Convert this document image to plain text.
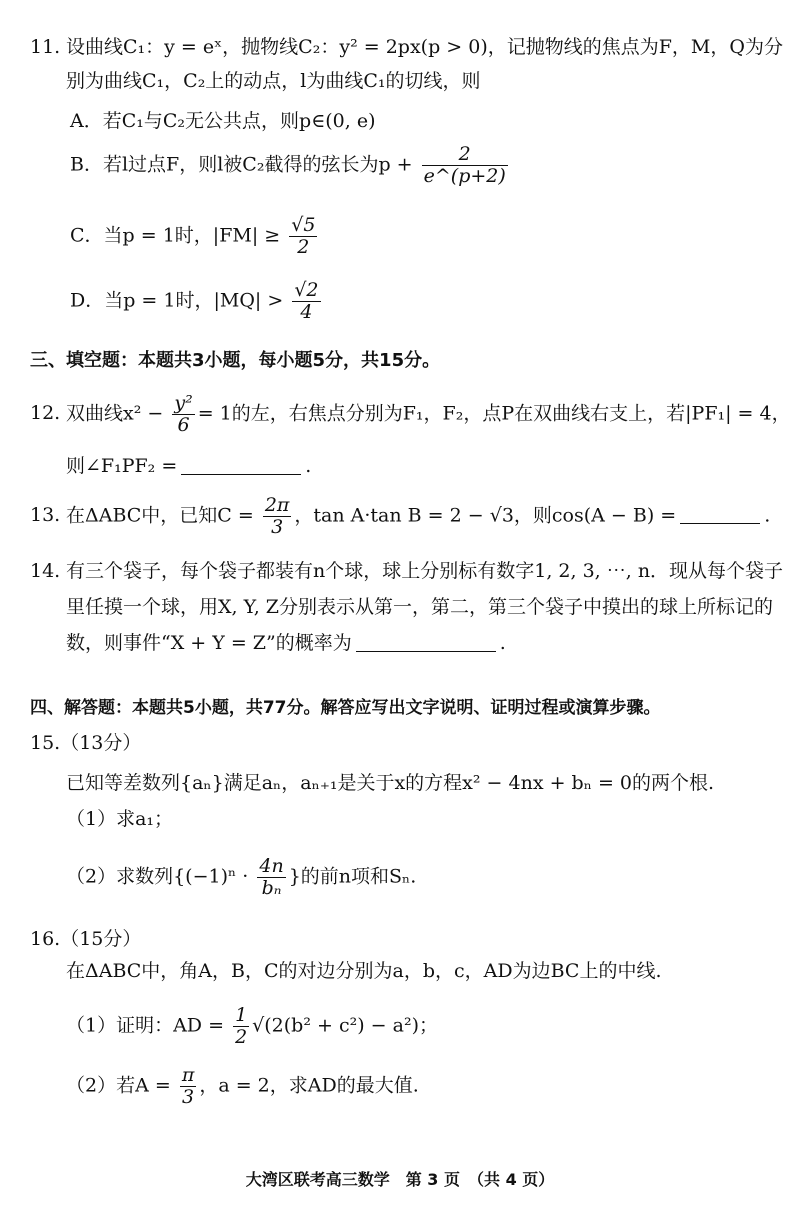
11. 设曲线C₁：y = eˣ，抛物线C₂：y² = 2px(p > 0)，记抛物线的焦点为F，M，Q为分
别为曲线C₁，C₂上的动点，l为曲线C₁的切线，则
A．若C₁与C₂无公共点，则p∈(0, e)
B．若l过点F，则l被C₂截得的弦长为$p + \frac{2}{e\^{}(p+2)}$
C．当p = 1时，$|FM| \ge \frac{√5}{2}$
D．当p = 1时，$|MQ| > \frac{√2}{4}$
三、填空题：本题共3小题，每小题5分，共15分。
12. 双曲线$x^2 - \frac{\text{y²}}{6} = 1$的左，右焦点分别为F₁，F₂，点P在双曲线右支上，若|PF₁| = 4，
则∠F₁PF₂ =	.
13. 在ΔABC中，已知$C = \frac{2\pi}{3}$ ，tan A·tan B = 2 − √3，则cos(A − B) =	.
14. 有三个袋子，每个袋子都装有n个球，球上分别标有数字1, 2, 3, ⋯, n．现从每个袋子
里任摸一个球，用X, Y, Z分别表示从第一，第二，第三个袋子中摸出的球上所标记的
数，则事件“X + Y = Z”的概率为	.
四、解答题：本题共5小题，共77分。解答应写出文字说明、证明过程或演算步骤。
15.（13分）
已知等差数列{aₙ}满足aₙ，aₙ₊₁是关于x的方程x² − 4nx + bₙ = 0的两个根.
（1）求a₁；
（2）求数列{$(-1)^n \cdot \frac{4n}{\text{bₙ}}$ }的前n项和Sₙ.
16.（15分）
在ΔABC中，角A，B，C的对边分别为a，b，c，AD为边BC上的中线.
（1）证明：AD = $\frac{1}{2} √(2(b^2 + c^2) - a^2)$；
（2）若$A = \frac{\pi}{3}$ ，a = 2，求AD的最大值.
大湾区联考高三数学　第 3 页　（共 4 页）
